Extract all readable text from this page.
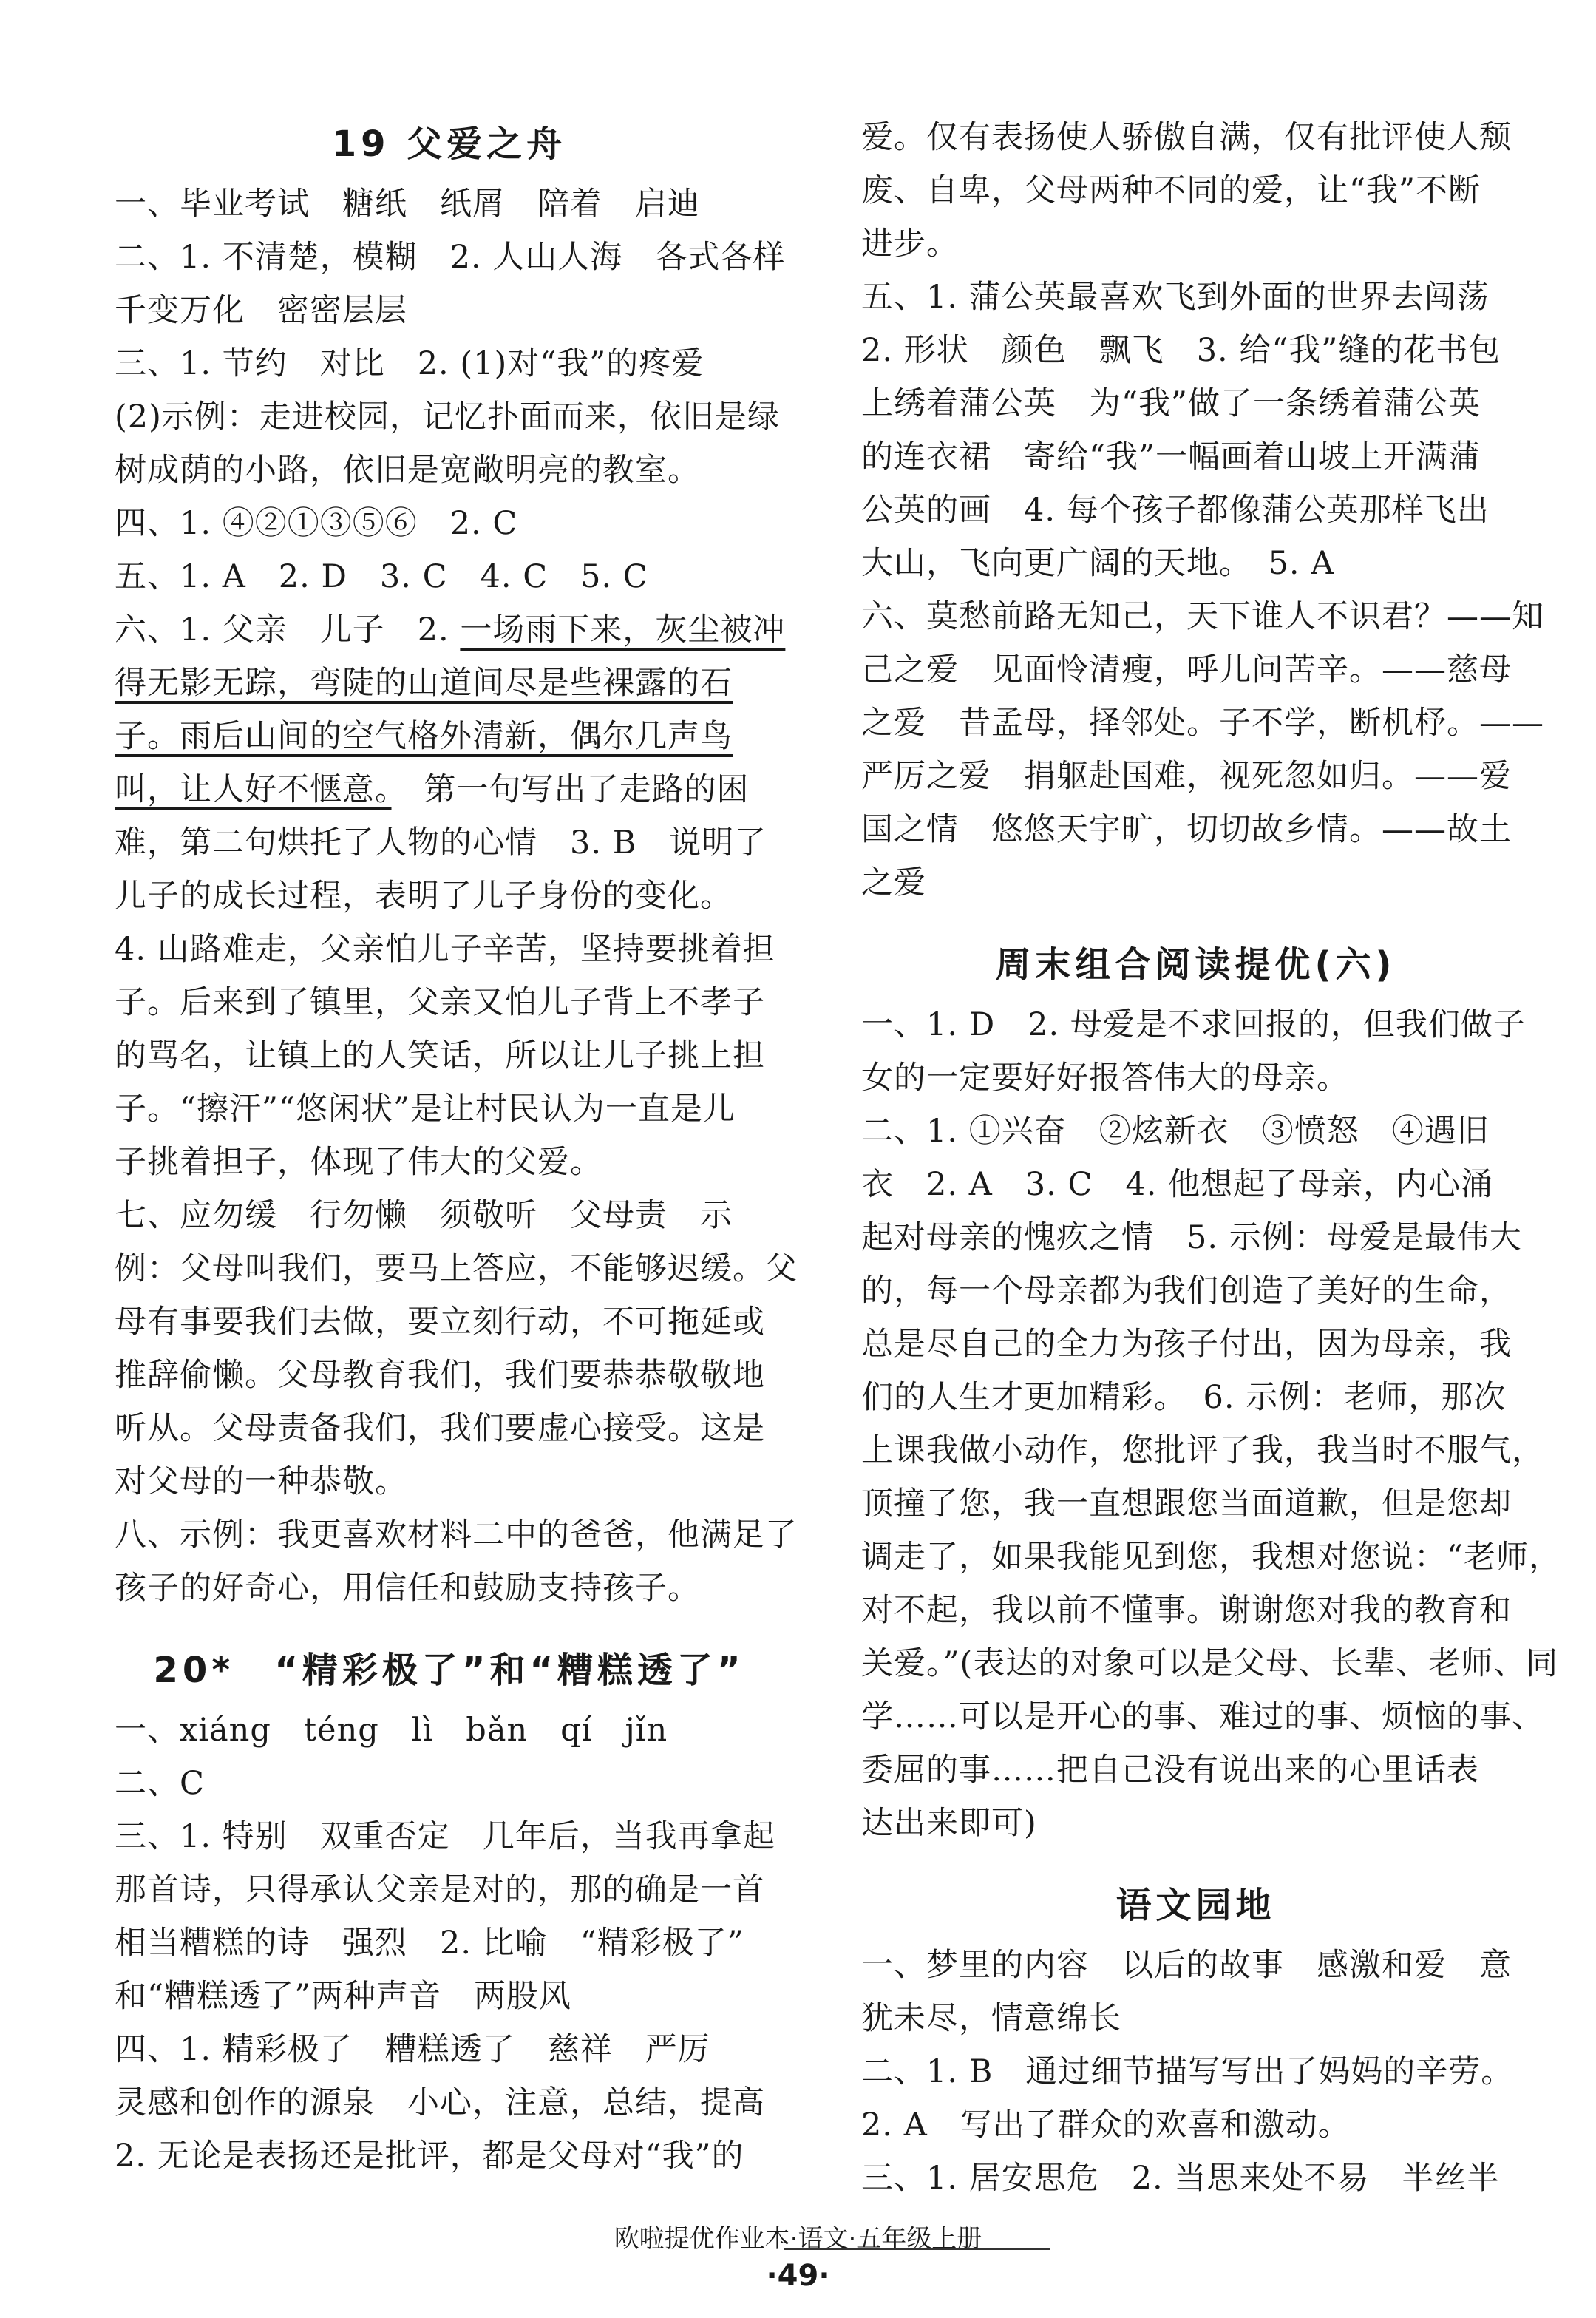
19 父爱之舟
一、毕业考试　糖纸　纸屑　陪着　启迪
二、1. 不清楚，模糊　2. 人山人海　各式各样
千变万化　密密层层
三、1. 节约　对比　2. (1)对“我”的疼爱
(2)示例：走进校园，记忆扑面而来，依旧是绿
树成荫的小路，依旧是宽敞明亮的教室。
四、1. ④②①③⑤⑥　2. C
五、1. A　2. D　3. C　4. C　5. C
六、1. 父亲　儿子　2. 一场雨下来，灰尘被冲
得无影无踪，弯陡的山道间尽是些裸露的石
子。雨后山间的空气格外清新，偶尔几声鸟
叫，让人好不惬意。　第一句写出了走路的困
难，第二句烘托了人物的心情　3. B　说明了
儿子的成长过程，表明了儿子身份的变化。
4. 山路难走，父亲怕儿子辛苦，坚持要挑着担
子。后来到了镇里，父亲又怕儿子背上不孝子
的骂名，让镇上的人笑话，所以让儿子挑上担
子。“擦汗”“悠闲状”是让村民认为一直是儿
子挑着担子，体现了伟大的父爱。
七、应勿缓　行勿懒　须敬听　父母责　示
例：父母叫我们，要马上答应，不能够迟缓。父
母有事要我们去做，要立刻行动，不可拖延或
推辞偷懒。父母教育我们，我们要恭恭敬敬地
听从。父母责备我们，我们要虚心接受。这是
对父母的一种恭敬。
八、示例：我更喜欢材料二中的爸爸，他满足了
孩子的好奇心，用信任和鼓励支持孩子。
20*　“精彩极了”和“糟糕透了”
一、xiáng　téng　lì　bǎn　qí　jǐn
二、C
三、1. 特别　双重否定　几年后，当我再拿起
那首诗，只得承认父亲是对的，那的确是一首
相当糟糕的诗　强烈　2. 比喻　“精彩极了”
和“糟糕透了”两种声音　两股风
四、1. 精彩极了　糟糕透了　慈祥　严厉
灵感和创作的源泉　小心，注意，总结，提高
2. 无论是表扬还是批评，都是父母对“我”的
爱。仅有表扬使人骄傲自满，仅有批评使人颓
废、自卑，父母两种不同的爱，让“我”不断
进步。
五、1. 蒲公英最喜欢飞到外面的世界去闯荡
2. 形状　颜色　飘飞　3. 给“我”缝的花书包
上绣着蒲公英　为“我”做了一条绣着蒲公英
的连衣裙　寄给“我”一幅画着山坡上开满蒲
公英的画　4. 每个孩子都像蒲公英那样飞出
大山，飞向更广阔的天地。　5. A
六、莫愁前路无知己，天下谁人不识君？——知
己之爱　见面怜清瘦，呼儿问苦辛。——慈母
之爱　昔孟母，择邻处。子不学，断机杼。——
严厉之爱　捐躯赴国难，视死忽如归。——爱
国之情　悠悠天宇旷，切切故乡情。——故土
之爱
周末组合阅读提优(六)
一、1. D　2. 母爱是不求回报的，但我们做子
女的一定要好好报答伟大的母亲。
二、1. ①兴奋　②炫新衣　③愤怒　④遇旧
衣　2. A　3. C　4. 他想起了母亲，内心涌
起对母亲的愧疚之情　5. 示例：母爱是最伟大
的，每一个母亲都为我们创造了美好的生命，
总是尽自己的全力为孩子付出，因为母亲，我
们的人生才更加精彩。　6. 示例：老师，那次
上课我做小动作，您批评了我，我当时不服气，
顶撞了您，我一直想跟您当面道歉，但是您却
调走了，如果我能见到您，我想对您说：“老师，
对不起，我以前不懂事。谢谢您对我的教育和
关爱。”(表达的对象可以是父母、长辈、老师、同
学……可以是开心的事、难过的事、烦恼的事、
委屈的事……把自己没有说出来的心里话表
达出来即可)
语文园地
一、梦里的内容　以后的故事　感激和爱　意
犹未尽，情意绵长
二、1. B　通过细节描写写出了妈妈的辛劳。
2. A　写出了群众的欢喜和激动。
三、1. 居安思危　2. 当思来处不易　半丝半
欧啦提优作业本·语文·五年级上册
·49·
